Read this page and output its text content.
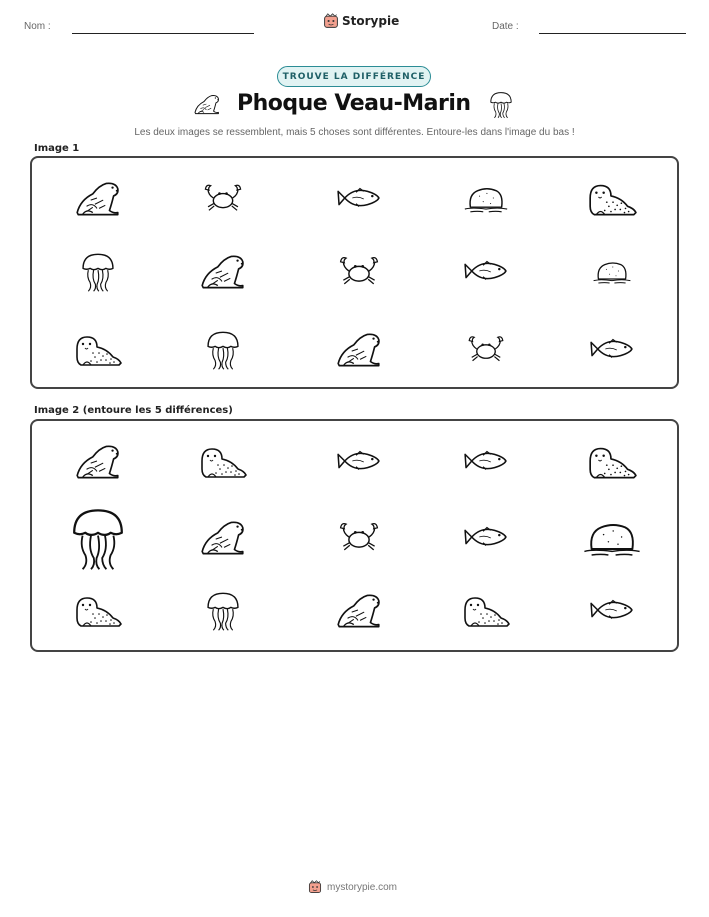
Nom :	Storypie	Date :
TROUVE LA DIFFÉRENCE
Phoque Veau-Marin
Les deux images se ressemblent, mais 5 choses sont différentes. Entoure-les dans l'image du bas !
Image 1
Image 2 (entoure les 5 différences)
mystorypie.com
